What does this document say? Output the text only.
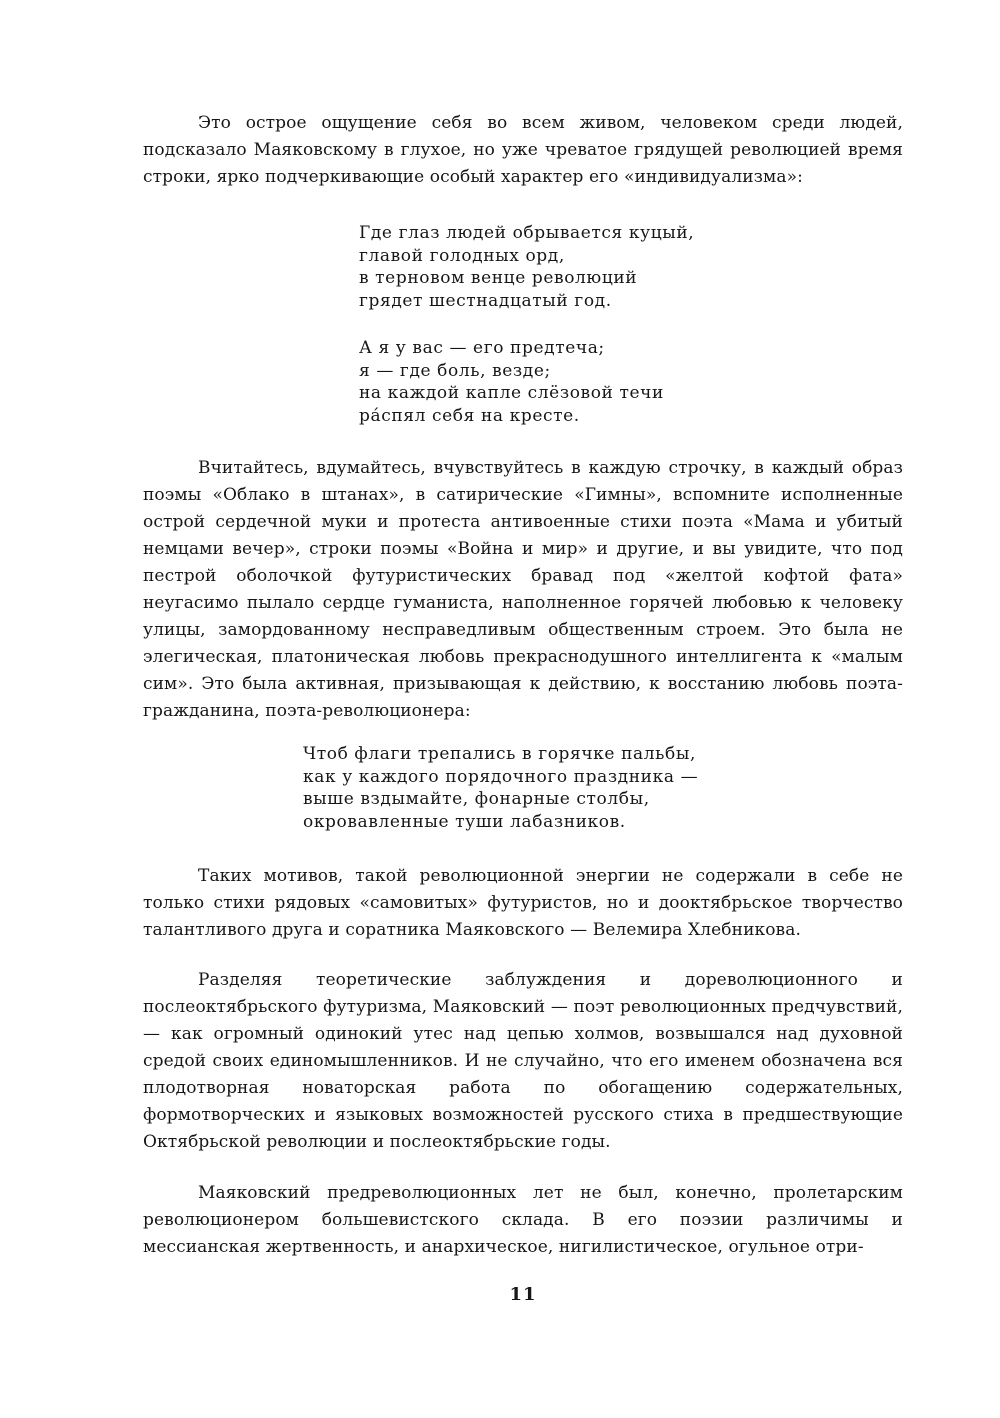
Это острое ощущение себя во всем живом, человеком среди людей, подсказало Маяковскому в глухое, но уже чреватое грядущей революцией время строки, ярко подчеркивающие особый характер его «индивидуализма»:

Где глаз людей обрывается куцый,
главой голодных орд,
в терновом венце революций
грядет шестнадцатый год.
А я у вас — его предтеча;
я — где боль, везде;
на каждой капле слёзовой течи
ра́спял себя на кресте.

Вчитайтесь, вдумайтесь, вчувствуйтесь в каждую строчку, в каждый образ поэмы «Облако в штанах», в сатирические «Гимны», вспомните исполненные острой сердечной муки и протеста антивоенные стихи поэта «Мама и убитый немцами вечер», строки поэмы «Война и мир» и другие, и вы увидите, что под пестрой оболочкой футуристических бравад под «желтой кофтой фата» неугасимо пылало сердце гуманиста, наполненное горячей любовью к человеку улицы, замордованному несправедливым общественным строем. Это была не элегическая, платоническая любовь прекраснодушного интеллигента к «малым сим». Это была активная, призывающая к действию, к восстанию любовь поэта-гражданина, поэта-революционера:

Чтоб флаги трепались в горячке пальбы,
как у каждого порядочного праздника —
выше вздымайте, фонарные столбы,
окровавленные туши лабазников.

Таких мотивов, такой революционной энергии не содержали в себе не только стихи рядовых «самовитых» футуристов, но и дооктябрьское творчество талантливого друга и соратника Маяковского — Велемира Хлебникова.

Разделяя теоретические заблуждения и дореволюционного и послеоктябрьского футуризма, Маяковский — поэт революционных предчувствий, — как огромный одинокий утес над цепью холмов, возвышался над духовной средой своих единомышленников. И не случайно, что его именем обозначена вся плодотворная новаторская работа по обогащению содержательных, формотворческих и языковых возможностей русского стиха в предшествующие Октябрьской революции и послеоктябрьские годы.

Маяковский предреволюционных лет не был, конечно, пролетарским революционером большевистского склада. В его поэзии различимы и мессианская жертвенность, и анархическое, нигилистическое, огульное отри-

11
